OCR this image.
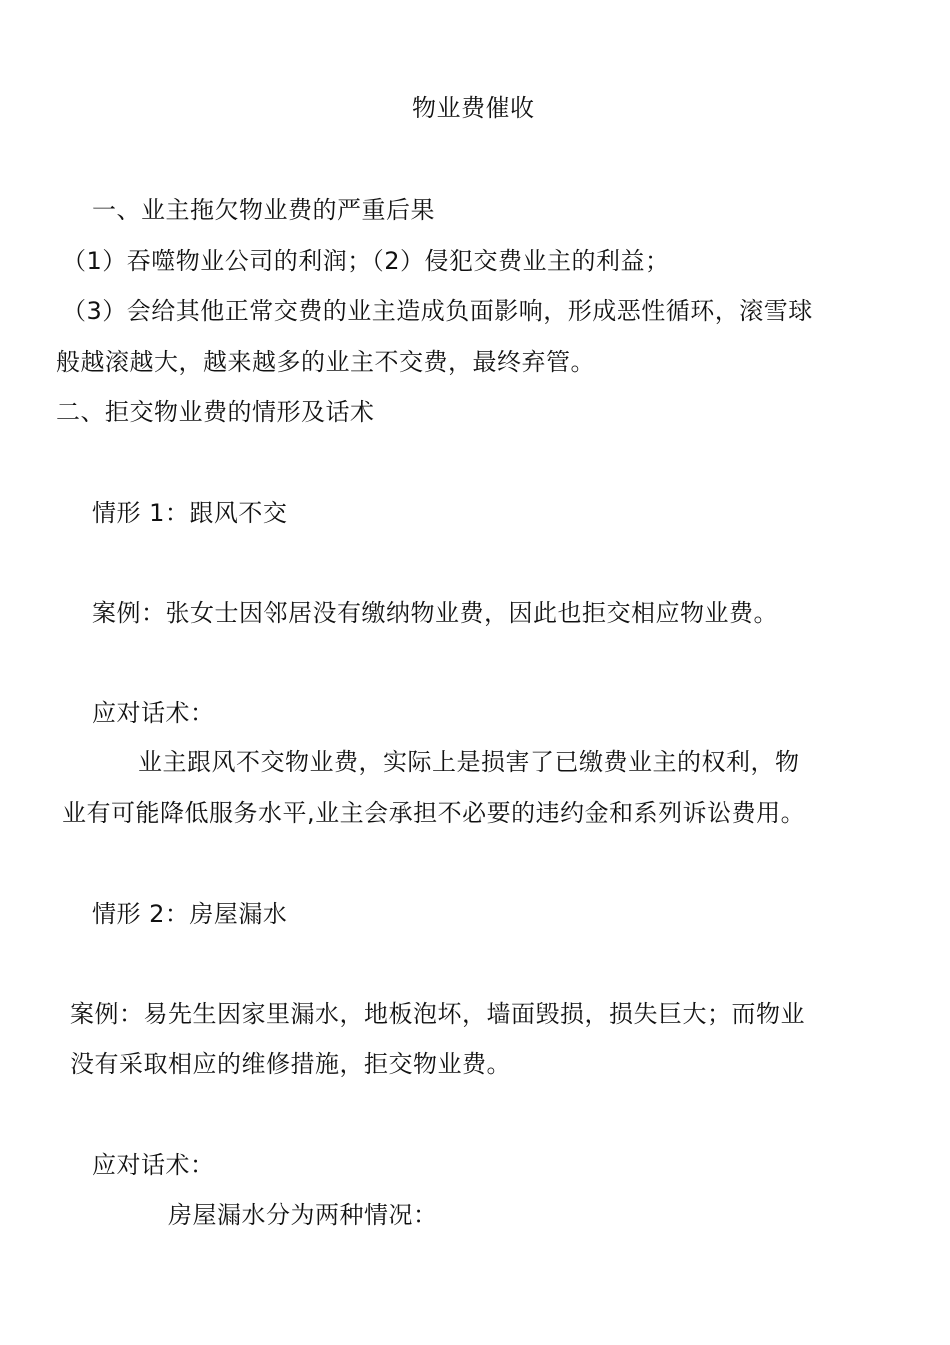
物业费催收
一、业主拖欠物业费的严重后果
（1）吞噬物业公司的利润；（2）侵犯交费业主的利益；
（3）会给其他正常交费的业主造成负面影响，形成恶性循环，滚雪球
般越滚越大，越来越多的业主不交费，最终弃管。
二、拒交物业费的情形及话术
情形 1：跟风不交
案例：张女士因邻居没有缴纳物业费，因此也拒交相应物业费。
应对话术：
业主跟风不交物业费，实际上是损害了已缴费业主的权利，物
业有可能降低服务水平,业主会承担不必要的违约金和系列诉讼费用。
情形 2：房屋漏水
案例：易先生因家里漏水，地板泡坏，墙面毁损，损失巨大；而物业
没有采取相应的维修措施，拒交物业费。
应对话术：
房屋漏水分为两种情况：
